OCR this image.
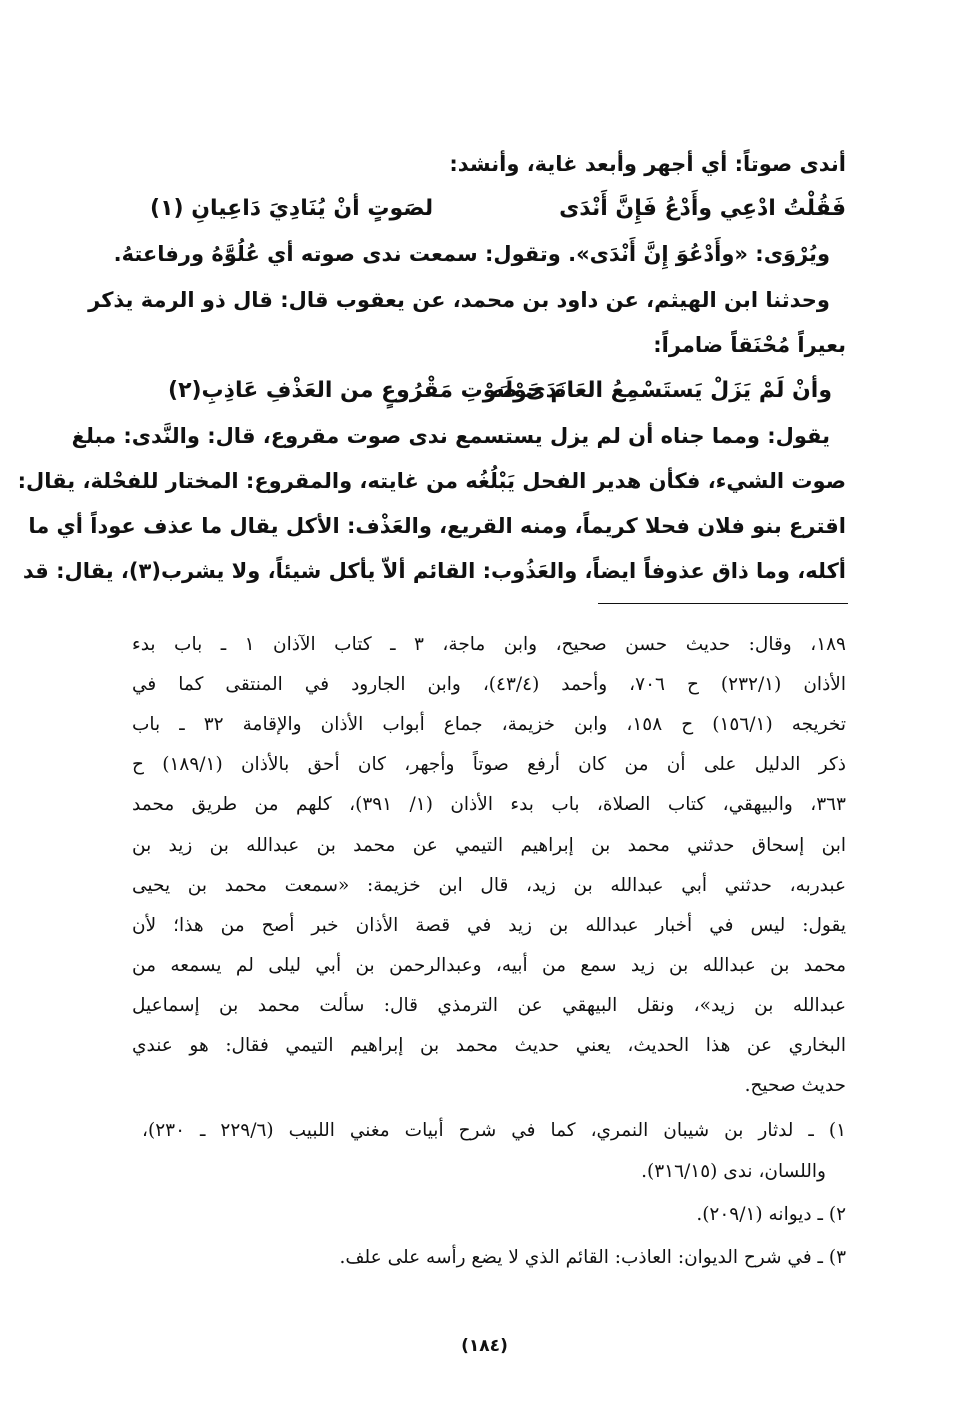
أندى صوتاً: أي أجهر وأبعد غاية، وأنشد:
فَقُلْتُ ادْعِي وأَدْعُ فَإِنَّ أَنْدَى
لصَوتٍ أنْ يُنَادِيَ دَاعِيانِ (١)
ويُرْوَى: «وأَدْعُوَ إِنَّ أَنْدَى». وتقول: سمعت ندى صوته أي عُلُوَّهُ ورفاعتهُ.
وحدثنا ابن الهيثم، عن داود بن محمد، عن يعقوب قال: قال ذو الرمة يذكر
بعيراً مُحْنَقاً ضامراً:
وأنْ لَمْ يَزَلْ يَستَسْمِعُ العَامَ حَوْلَه
نَدَى صَوْتِ مَقْرُوعٍ من العَذْفِ عَاذِبِ(٢)
يقول: ومما جناه أن لم يزل يستسمع ندى صوت مقروع، قال: والنَّدى: مبلغ
صوت الشيء، فكأن هدير الفحل يَبْلُغُه من غايته، والمقروع: المختار للفحْلة، يقال:
اقترع بنو فلان فحلا كريماً، ومنه القريع، والعَذْف: الأكل يقال ما عذف عوداً أي ما
أكله، وما ذاق عذوفاً ايضاً، والعَذُوب: القائم ألاّ يأكل شيئاً، ولا يشرب(٣)، يقال: قد
١٨٩، وقال: حديث حسن صحيح، وابن ماجة، ٣ ـ كتاب الآذان ١ ـ باب بدء
الأذان (٢٣٢/١) ح ٧٠٦، وأحمد (٤٣/٤)، وابن الجارود في المنتقى كما في
تخريجه (١٥٦/١) ح ١٥٨، وابن خزيمة، جماع أبواب الأذان والإقامة ٣٢ ـ باب
ذكر الدليل على أن من كان أرفع صوتاً وأجهر، كان أحق بالأذان (١٨٩/١) ح
٣٦٣، والبيهقي، كتاب الصلاة، باب بدء الأذان (١/ ٣٩١)، كلهم من طريق محمد
ابن إسحاق حدثني محمد بن إبراهيم التيمي عن محمد بن عبدالله بن زيد بن
عبدربه، حدثني أبي عبدالله بن زيد، قال ابن خزيمة: «سمعت محمد بن يحيى
يقول: ليس في أخبار عبدالله بن زيد في قصة الأذان خبر أصح من هذا؛ لأن
محمد بن عبدالله بن زيد سمع من أبيه، وعبدالرحمن بن أبي ليلى لم يسمعه من
عبدالله بن زيد»، ونقل البيهقي عن الترمذي قال: سألت محمد بن إسماعيل
البخاري عن هذا الحديث، يعني حديث محمد بن إبراهيم التيمي فقال: هو عندي
حديث صحيح.
١) ـ لدثار بن شيبان النمري، كما في شرح أبيات مغني اللبيب (٢٢٩/٦ ـ ٢٣٠)،
واللسان، ندى (٣١٦/١٥).
٢) ـ ديوانه (٢٠٩/١).
٣) ـ في شرح الديوان: العاذب: القائم الذي لا يضع رأسه على علف.
(١٨٤)
